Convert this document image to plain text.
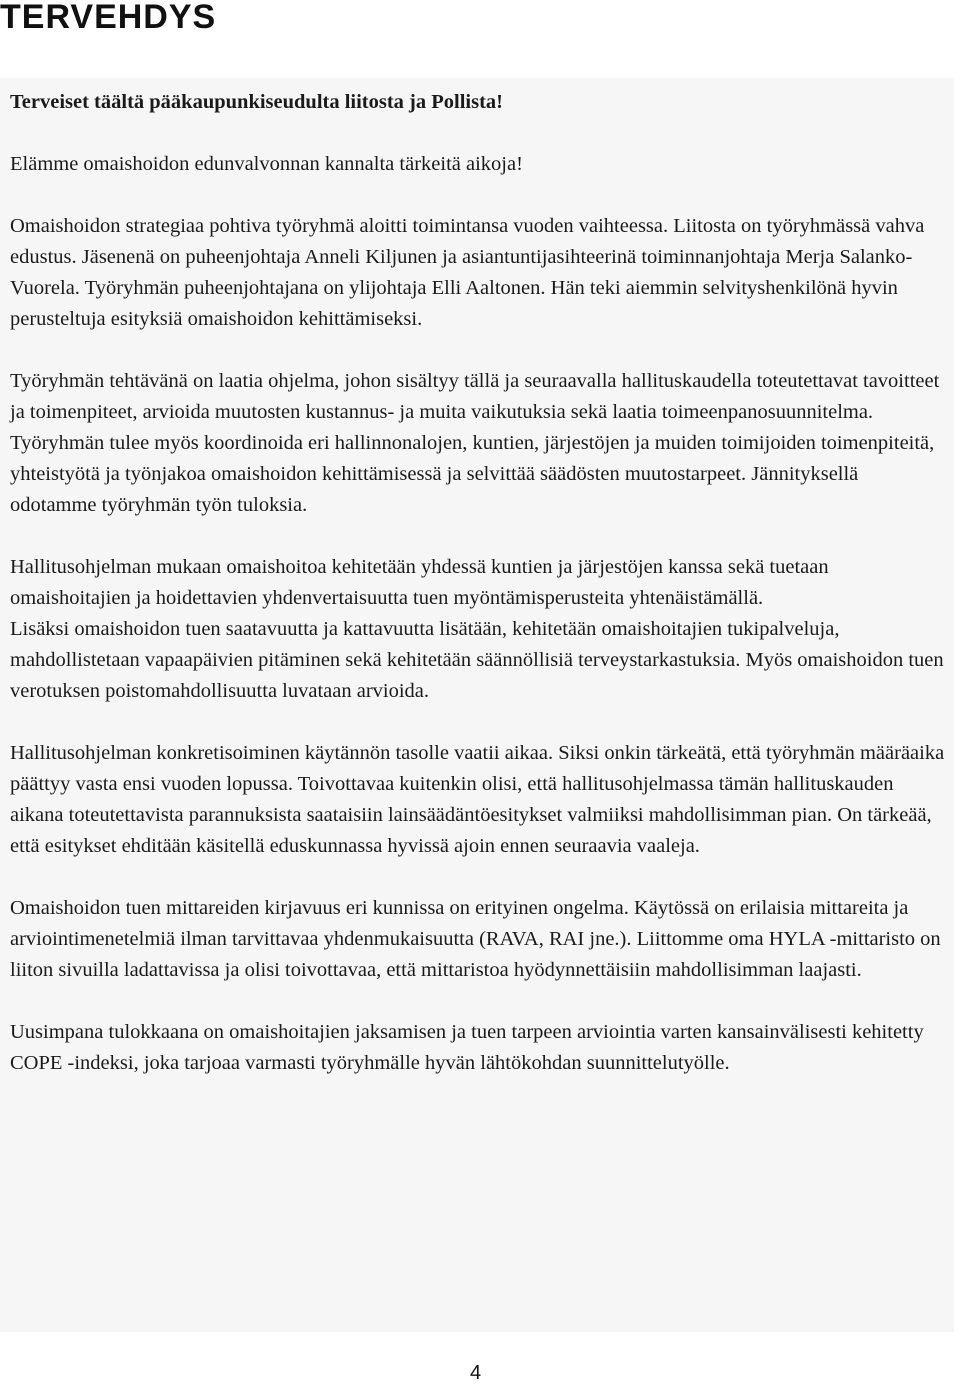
TERVEHDYS

Terveiset täältä pääkaupunkiseudulta liitosta ja Pollista!

Elämme omaishoidon edunvalvonnan kannalta tärkeitä aikoja!

Omaishoidon strategiaa pohtiva työryhmä aloitti toimintansa vuoden vaihteessa. Liitosta on työryhmässä vahva edustus. Jäsenenä on puheenjohtaja Anneli Kiljunen ja asiantuntijasihteerinä toiminnanjohtaja Merja Salanko-Vuorela. Työryhmän puheenjohtajana on ylijohtaja Elli Aaltonen. Hän teki aiemmin selvityshenkilönä hyvin perusteltuja esityksiä omaishoidon kehittämiseksi.

Työryhmän tehtävänä on laatia ohjelma, johon sisältyy tällä ja seuraavalla hallituskaudella toteutettavat tavoitteet ja toimenpiteet, arvioida muutosten kustannus- ja muita vaikutuksia sekä laatia toimeenpanosuunnitelma. Työryhmän tulee myös koordinoida eri hallinnonalojen, kuntien, järjestöjen ja muiden toimijoiden toimenpiteitä, yhteistyötä ja työnjakoa omaishoidon kehittämisessä ja selvittää säädösten muutostarpeet. Jännityksellä odotamme työryhmän työn tuloksia.

Hallitusohjelman mukaan omaishoitoa kehitetään yhdessä kuntien ja järjestöjen kanssa sekä tuetaan omaishoitajien ja hoidettavien yhdenvertaisuutta tuen myöntämisperusteita yhtenäistämällä.

Lisäksi omaishoidon tuen saatavuutta ja kattavuutta lisätään, kehitetään omaishoitajien tukipalveluja, mahdollistetaan vapaapäivien pitäminen sekä kehitetään säännöllisiä terveystarkastuksia. Myös omaishoidon tuen verotuksen poistomahdollisuutta luvataan arvioida.

Hallitusohjelman konkretisoiminen käytännön tasolle vaatii aikaa. Siksi onkin tärkeätä, että työryhmän määräaika päättyy vasta ensi vuoden lopussa. Toivottavaa kuitenkin olisi, että hallitusohjelmassa tämän hallituskauden aikana toteutettavista parannuksista saataisiin lainsäädäntöesitykset valmiiksi mahdollisimman pian. On tärkeää, että esitykset ehditään käsitellä eduskunnassa hyvissä ajoin ennen seuraavia vaaleja.

Omaishoidon tuen mittareiden kirjavuus eri kunnissa on erityinen ongelma. Käytössä on erilaisia mittareita ja arviointimenetelmiä ilman tarvittavaa yhdenmukaisuutta (RAVA, RAI jne.). Liittomme oma HYLA -mittaristo on liiton sivuilla ladattavissa ja olisi toivottavaa, että mittaristoa hyödynnettäisiin mahdollisimman laajasti.

Uusimpana tulokkaana on omaishoitajien jaksamisen ja tuen tarpeen arviointia varten kansainvälisesti kehitetty COPE -indeksi, joka tarjoaa varmasti työryhmälle hyvän lähtökohdan suunnittelutyölle.

4
